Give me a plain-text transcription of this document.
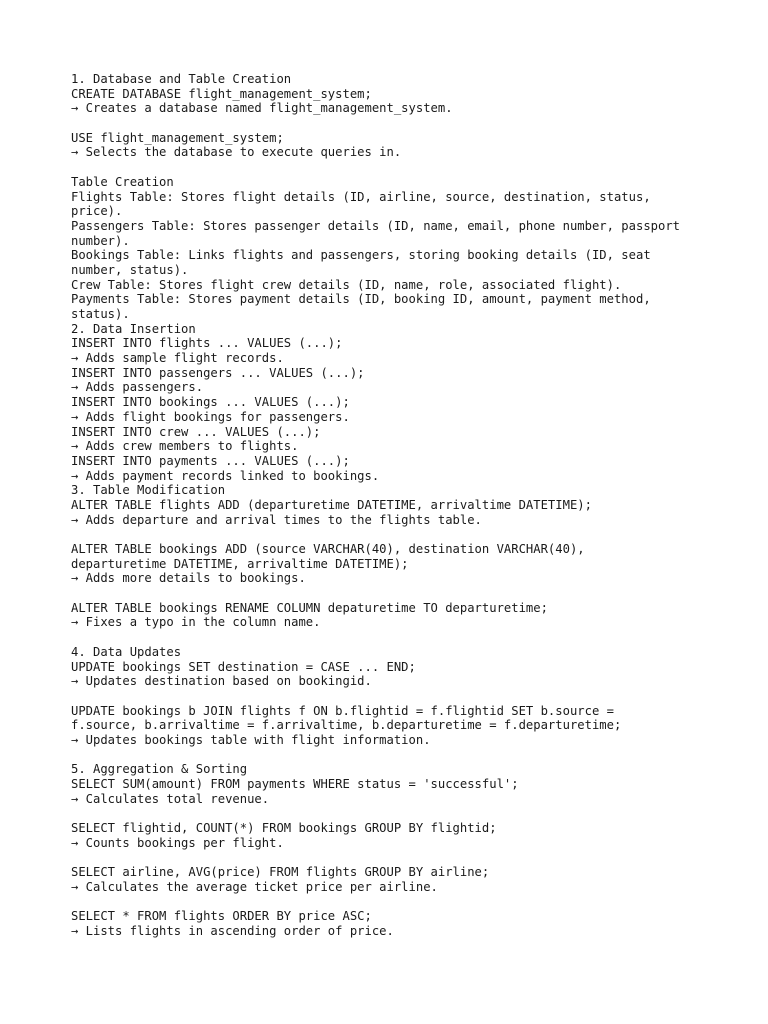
1. Database and Table Creation
CREATE DATABASE flight_management_system;
→ Creates a database named flight_management_system.
USE flight_management_system;
→ Selects the database to execute queries in.
Table Creation
Flights Table: Stores flight details (ID, airline, source, destination, status,
price).
Passengers Table: Stores passenger details (ID, name, email, phone number, passport
number).
Bookings Table: Links flights and passengers, storing booking details (ID, seat
number, status).
Crew Table: Stores flight crew details (ID, name, role, associated flight).
Payments Table: Stores payment details (ID, booking ID, amount, payment method,
status).
2. Data Insertion
INSERT INTO flights ... VALUES (...);
→ Adds sample flight records.
INSERT INTO passengers ... VALUES (...);
→ Adds passengers.
INSERT INTO bookings ... VALUES (...);
→ Adds flight bookings for passengers.
INSERT INTO crew ... VALUES (...);
→ Adds crew members to flights.
INSERT INTO payments ... VALUES (...);
→ Adds payment records linked to bookings.
3. Table Modification
ALTER TABLE flights ADD (departuretime DATETIME, arrivaltime DATETIME);
→ Adds departure and arrival times to the flights table.
ALTER TABLE bookings ADD (source VARCHAR(40), destination VARCHAR(40),
departuretime DATETIME, arrivaltime DATETIME);
→ Adds more details to bookings.
ALTER TABLE bookings RENAME COLUMN depaturetime TO departuretime;
→ Fixes a typo in the column name.
4. Data Updates
UPDATE bookings SET destination = CASE ... END;
→ Updates destination based on bookingid.
UPDATE bookings b JOIN flights f ON b.flightid = f.flightid SET b.source =
f.source, b.arrivaltime = f.arrivaltime, b.departuretime = f.departuretime;
→ Updates bookings table with flight information.
5. Aggregation & Sorting
SELECT SUM(amount) FROM payments WHERE status = 'successful';
→ Calculates total revenue.
SELECT flightid, COUNT(*) FROM bookings GROUP BY flightid;
→ Counts bookings per flight.
SELECT airline, AVG(price) FROM flights GROUP BY airline;
→ Calculates the average ticket price per airline.
SELECT * FROM flights ORDER BY price ASC;
→ Lists flights in ascending order of price.
